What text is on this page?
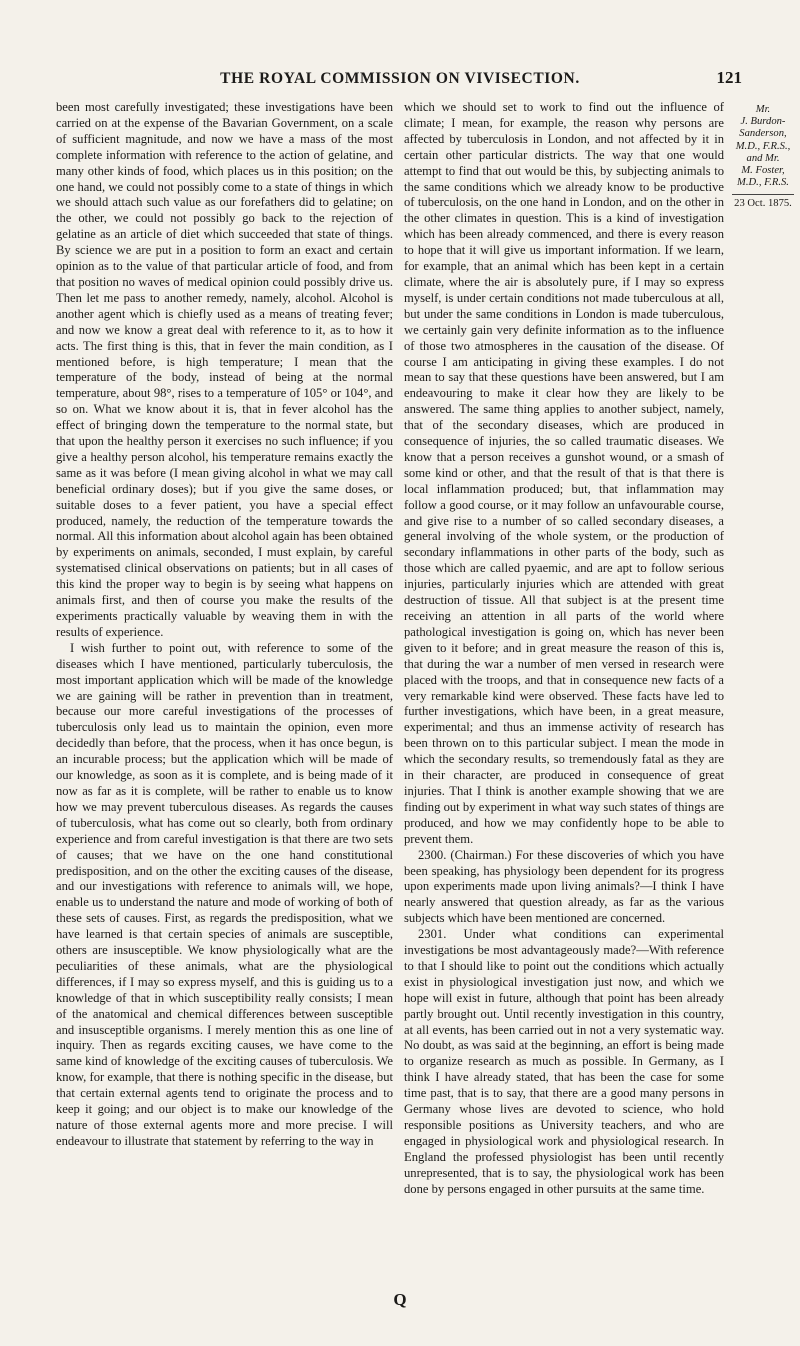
THE ROYAL COMMISSION ON VIVISECTION.	121

been most carefully investigated; these investigations have been carried on at the expense of the Bavarian Government, on a scale of sufficient magnitude, and now we have a mass of the most complete information with reference to the action of gelatine, and many other kinds of food, which places us in this position; on the one hand, we could not possibly come to a state of things in which we should attach such value as our forefathers did to gelatine; on the other, we could not possibly go back to the rejection of gelatine as an article of diet which succeeded that state of things. By science we are put in a position to form an exact and certain opinion as to the value of that particular article of food, and from that position no waves of medical opinion could possibly drive us. Then let me pass to another remedy, namely, alcohol. Alcohol is another agent which is chiefly used as a means of treating fever; and now we know a great deal with reference to it, as to how it acts. The first thing is this, that in fever the main condition, as I mentioned before, is high temperature; I mean that the temperature of the body, instead of being at the normal temperature, about 98°, rises to a temperature of 105° or 104°, and so on. What we know about it is, that in fever alcohol has the effect of bringing down the temperature to the normal state, but that upon the healthy person it exercises no such influence; if you give a healthy person alcohol, his temperature remains exactly the same as it was before (I mean giving alcohol in what we may call beneficial ordinary doses); but if you give the same doses, or suitable doses to a fever patient, you have a special effect produced, namely, the reduction of the temperature towards the normal. All this information about alcohol again has been obtained by experiments on animals, seconded, I must explain, by careful systematised clinical observations on patients; but in all cases of this kind the proper way to begin is by seeing what happens on animals first, and then of course you make the results of the experiments practically valuable by weaving them in with the results of experience.

I wish further to point out, with reference to some of the diseases which I have mentioned, particularly tuberculosis, the most important application which will be made of the knowledge we are gaining will be rather in prevention than in treatment, because our more careful investigations of the processes of tuberculosis only lead us to maintain the opinion, even more decidedly than before, that the process, when it has once begun, is an incurable process; but the application which will be made of our knowledge, as soon as it is complete, and is being made of it now as far as it is complete, will be rather to enable us to know how we may prevent tuberculous diseases. As regards the causes of tuberculosis, what has come out so clearly, both from ordinary experience and from careful investigation is that there are two sets of causes; that we have on the one hand constitutional predisposition, and on the other the exciting causes of the disease, and our investigations with reference to animals will, we hope, enable us to understand the nature and mode of working of both of these sets of causes. First, as regards the predisposition, what we have learned is that certain species of animals are susceptible, others are insusceptible. We know physiologically what are the peculiarities of these animals, what are the physiological differences, if I may so express myself, and this is guiding us to a knowledge of that in which susceptibility really consists; I mean of the anatomical and chemical differences between susceptible and insusceptible organisms. I merely mention this as one line of inquiry. Then as regards exciting causes, we have come to the same kind of knowledge of the exciting causes of tuberculosis. We know, for example, that there is nothing specific in the disease, but that certain external agents tend to originate the process and to keep it going; and our object is to make our knowledge of the nature of those external agents more and more precise. I will endeavour to illustrate that statement by referring to the way in

which we should set to work to find out the influence of climate; I mean, for example, the reason why persons are affected by tuberculosis in London, and not affected by it in certain other particular districts. The way that one would attempt to find that out would be this, by subjecting animals to the same conditions which we already know to be productive of tuberculosis, on the one hand in London, and on the other in the other climates in question. This is a kind of investigation which has been already commenced, and there is every reason to hope that it will give us important information. If we learn, for example, that an animal which has been kept in a certain climate, where the air is absolutely pure, if I may so express myself, is under certain conditions not made tuberculous at all, but under the same conditions in London is made tuberculous, we certainly gain very definite information as to the influence of those two atmospheres in the causation of the disease. Of course I am anticipating in giving these examples. I do not mean to say that these questions have been answered, but I am endeavouring to make it clear how they are likely to be answered. The same thing applies to another subject, namely, that of the secondary diseases, which are produced in consequence of injuries, the so called traumatic diseases. We know that a person receives a gunshot wound, or a smash of some kind or other, and that the result of that is that there is local inflammation produced; but, that inflammation may follow a good course, or it may follow an unfavourable course, and give rise to a number of so called secondary diseases, a general involving of the whole system, or the production of secondary inflammations in other parts of the body, such as those which are called pyaemic, and are apt to follow serious injuries, particularly injuries which are attended with great destruction of tissue. All that subject is at the present time receiving an attention in all parts of the world where pathological investigation is going on, which has never been given to it before; and in great measure the reason of this is, that during the war a number of men versed in research were placed with the troops, and that in consequence new facts of a very remarkable kind were observed. These facts have led to further investigations, which have been, in a great measure, experimental; and thus an immense activity of research has been thrown on to this particular subject. I mean the mode in which the secondary results, so tremendously fatal as they are in their character, are produced in consequence of great injuries. That I think is another example showing that we are finding out by experiment in what way such states of things are produced, and how we may confidently hope to be able to prevent them.

2300. (Chairman.) For these discoveries of which you have been speaking, has physiology been dependent for its progress upon experiments made upon living animals?—I think I have nearly answered that question already, as far as the various subjects which have been mentioned are concerned.

2301. Under what conditions can experimental investigations be most advantageously made?—With reference to that I should like to point out the conditions which actually exist in physiological investigation just now, and which we hope will exist in future, although that point has been already partly brought out. Until recently investigation in this country, at all events, has been carried out in not a very systematic way. No doubt, as was said at the beginning, an effort is being made to organize research as much as possible. In Germany, as I think I have already stated, that has been the case for some time past, that is to say, that there are a good many persons in Germany whose lives are devoted to science, who hold responsible positions as University teachers, and who are engaged in physiological work and physiological research. In England the professed physiologist has been until recently unrepresented, that is to say, the physiological work has been done by persons engaged in other pursuits at the same time.

Mr.
J. Burdon-
Sanderson,
M.D., F.R.S.,
and Mr.
M. Foster,
M.D., F.R.S.
23 Oct. 1875.
Q
